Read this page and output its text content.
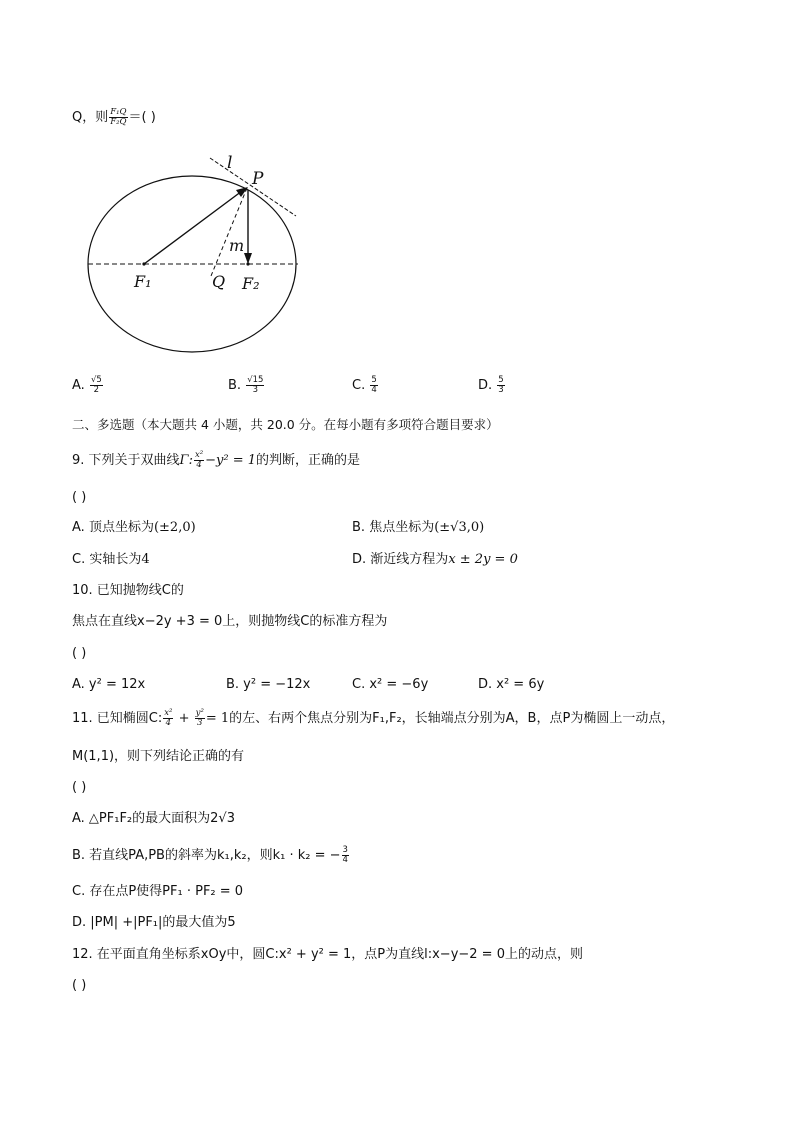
Q，则 $\frac{\text{F₁Q}}{\text{F₂Q}}$ ＝( )
l
P
m
F₁	Q F₂
A. $\frac{√5}{2}$	B. $\frac{√15}{3}$	C. $\frac{5}{4}$	D. $\frac{5}{3}$
二、多选题（本大题共 4 小题，共 20.0 分。在每小题有多项符合题目要求）
9. 下列关于双曲线Γ: $\frac{\text{x²}}{4} -y^2 = 1$的判断，正确的是
( )
A. 顶点坐标为(±2,0)	B. 焦点坐标为(±√3,0)
C. 实轴长为4	D. 渐近线方程为x ± 2y = 0
10. 已知抛物线C的
焦点在直线x−2y +3 = 0上，则抛物线C的标准方程为
( )
A. y² = 12x	B. y² = −12x	C. x² = −6y	D. x² = 6y
11. 已知椭圆C: $\frac{\text{x²}}{4} + \frac{\text{y²}}{3} = 1$的左、右两个焦点分别为F₁,F₂，长轴端点分别为A，B，点P为椭圆上一动点，
M(1,1)，则下列结论正确的有
( )
A. △PF₁F₂的最大面积为2√3
B. 若直线PA,PB的斜率为k₁,k₂，则k₁ · k₂ = − $\frac{3}{4}$
C. 存在点P使得PF₁ · PF₂ = 0
D. |PM| +|PF₁|的最大值为5
12. 在平面直角坐标系xOy中，圆C:x² + y² = 1，点P为直线l:x−y−2 = 0上的动点，则
( )
